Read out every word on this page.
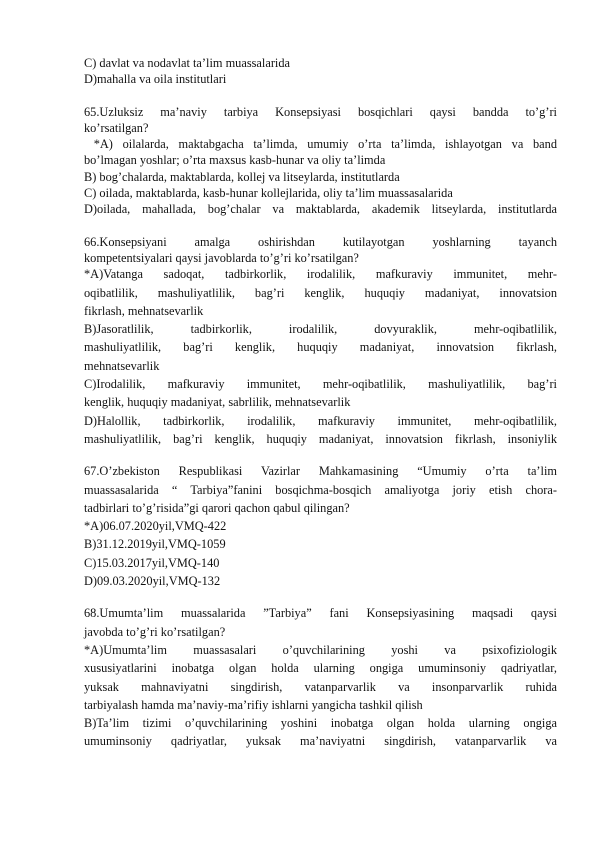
C) davlat va nodavlat ta’lim muassalarida
D)mahalla va oila institutlari
65.Uzluksiz ma’naviy tarbiya Konsepsiyasi bosqichlari qaysi bandda to’g’ri
ko’rsatilgan?
*A) oilalarda, maktabgacha ta’limda, umumiy o’rta ta’limda, ishlayotgan va band
bo’lmagan yoshlar; o’rta maxsus kasb-hunar va oliy ta’limda
B) bog’chalarda, maktablarda, kollej va litseylarda, institutlarda
C) oilada, maktablarda, kasb-hunar kollejlarida, oliy ta’lim muassasalarida
D)oilada, mahallada, bog’chalar va maktablarda, akademik litseylarda, institutlarda
66.Konsepsiyani amalga oshirishdan kutilayotgan yoshlarning tayanch
kompetentsiyalari qaysi javoblarda to’g’ri ko’rsatilgan?
*A)Vatanga sadoqat, tadbirkorlik, irodalilik, mafkuraviy immunitet, mehr-
oqibatlilik, mashuliyatlilik, bag’ri kenglik, huquqiy madaniyat, innovatsion
fikrlash, mehnatsevarlik
B)Jasoratlilik, tadbirkorlik, irodalilik, dovyuraklik, mehr-oqibatlilik,
mashuliyatlilik, bag’ri kenglik, huquqiy madaniyat, innovatsion fikrlash,
mehnatsevarlik
C)Irodalilik, mafkuraviy immunitet, mehr-oqibatlilik, mashuliyatlilik, bag’ri
kenglik, huquqiy madaniyat, sabrlilik, mehnatsevarlik
D)Halollik, tadbirkorlik, irodalilik, mafkuraviy immunitet, mehr-oqibatlilik,
mashuliyatlilik, bag’ri kenglik, huquqiy madaniyat, innovatsion fikrlash, insoniylik
67.O’zbekiston Respublikasi Vazirlar Mahkamasining “Umumiy o’rta ta’lim
muassasalarida “ Tarbiya”fanini bosqichma-bosqich amaliyotga joriy etish chora-
tadbirlari to’g’risida”gi qarori qachon qabul qilingan?
*A)06.07.2020yil,VMQ-422
B)31.12.2019yil,VMQ-1059
C)15.03.2017yil,VMQ-140
D)09.03.2020yil,VMQ-132
68.Umumta’lim muassalarida ”Tarbiya” fani Konsepsiyasining maqsadi qaysi
javobda to’g’ri ko’rsatilgan?
*A)Umumta’lim muassasalari o’quvchilarining yoshi va psixofiziologik
xususiyatlarini inobatga olgan holda ularning ongiga umuminsoniy qadriyatlar,
yuksak mahnaviyatni singdirish, vatanparvarlik va insonparvarlik ruhida
tarbiyalash hamda ma’naviy-ma’rifiy ishlarni yangicha tashkil qilish
B)Ta’lim tizimi o’quvchilarining yoshini inobatga olgan holda ularning ongiga
umuminsoniy qadriyatlar, yuksak ma’naviyatni singdirish, vatanparvarlik va
